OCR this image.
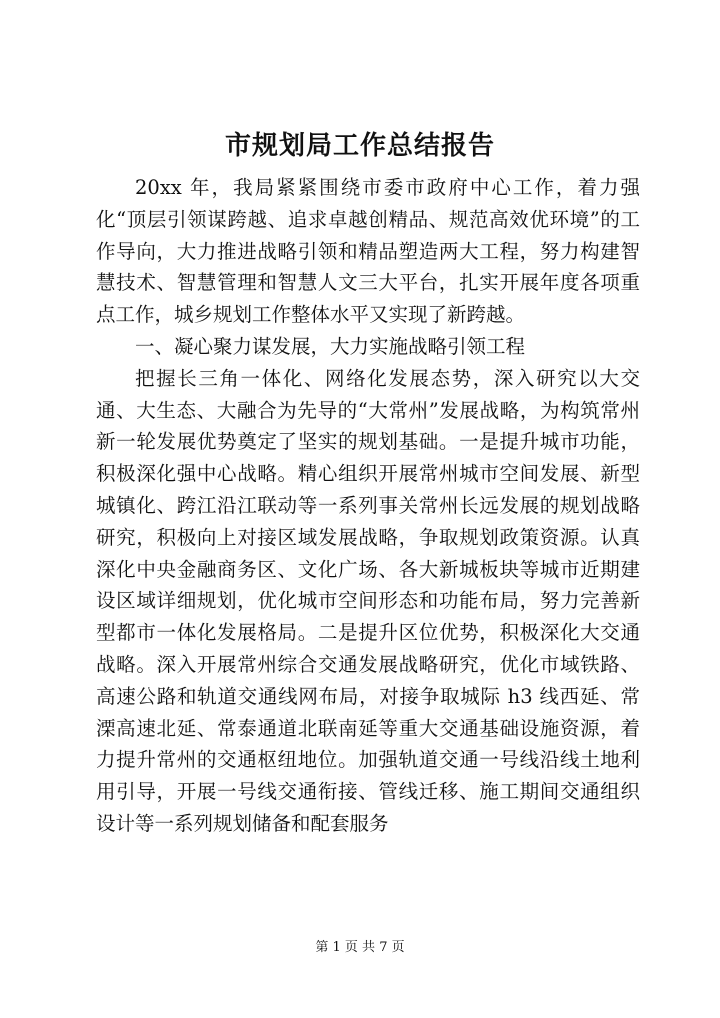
市规划局工作总结报告

20xx 年，我局紧紧围绕市委市政府中心工作，着力强化“顶层引领谋跨越、追求卓越创精品、规范高效优环境”的工作导向，大力推进战略引领和精品塑造两大工程，努力构建智慧技术、智慧管理和智慧人文三大平台，扎实开展年度各项重点工作，城乡规划工作整体水平又实现了新跨越。

一、凝心聚力谋发展，大力实施战略引领工程

把握长三角一体化、网络化发展态势，深入研究以大交通、大生态、大融合为先导的“大常州”发展战略，为构筑常州新一轮发展优势奠定了坚实的规划基础。一是提升城市功能，积极深化强中心战略。精心组织开展常州城市空间发展、新型城镇化、跨江沿江联动等一系列事关常州长远发展的规划战略研究，积极向上对接区域发展战略，争取规划政策资源。认真深化中央金融商务区、文化广场、各大新城板块等城市近期建设区域详细规划，优化城市空间形态和功能布局，努力完善新型都市一体化发展格局。二是提升区位优势，积极深化大交通战略。深入开展常州综合交通发展战略研究，优化市域铁路、高速公路和轨道交通线网布局，对接争取城际 h3 线西延、常溧高速北延、常泰通道北联南延等重大交通基础设施资源，着力提升常州的交通枢纽地位。加强轨道交通一号线沿线土地利用引导，开展一号线交通衔接、管线迁移、施工期间交通组织设计等一系列规划储备和配套服务

第 1 页 共 7 页
